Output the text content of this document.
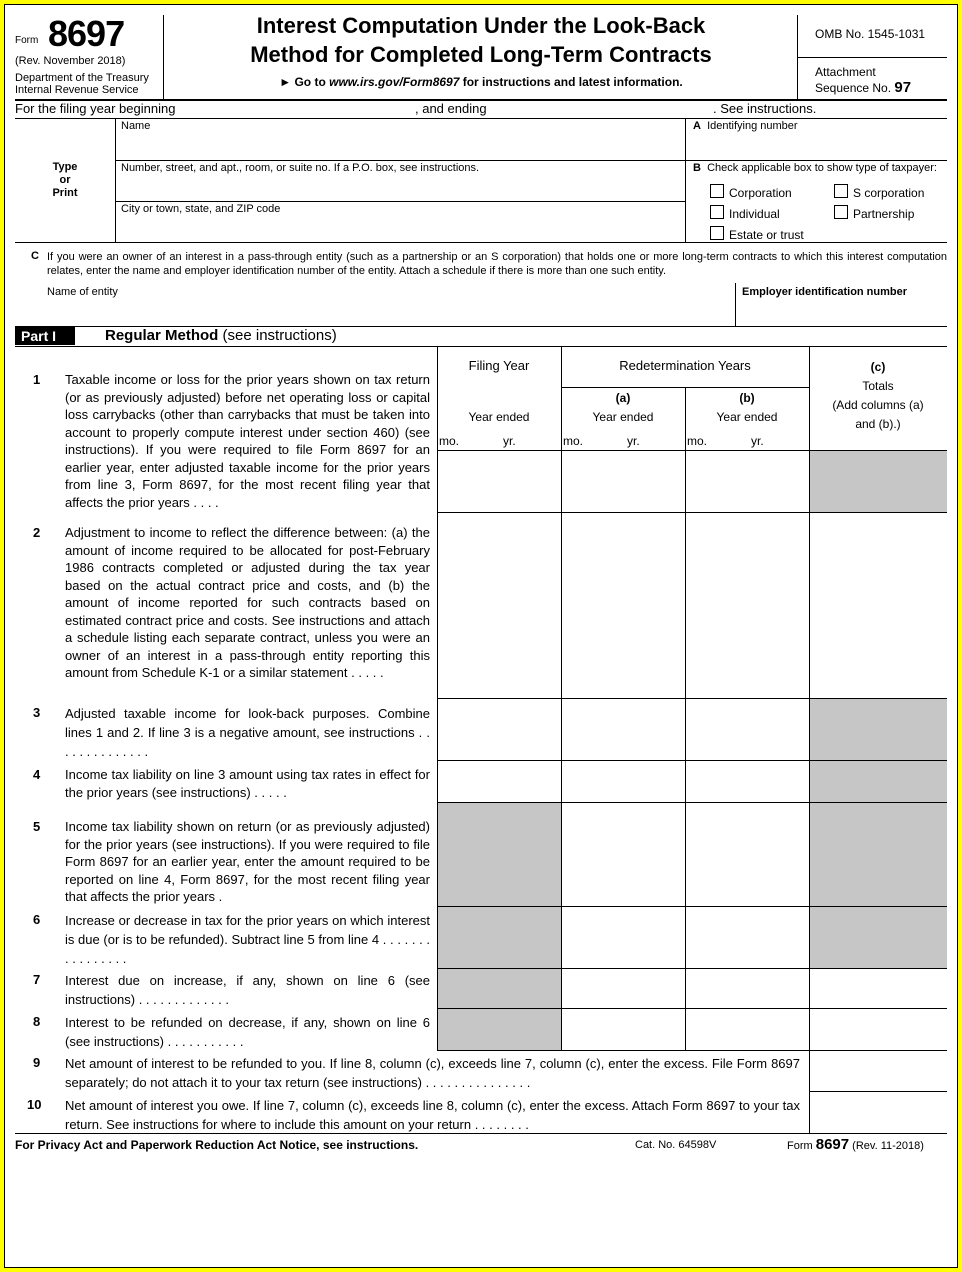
Form 8697
(Rev. November 2018)
Department of the Treasury
Internal Revenue Service
Interest Computation Under the Look-Back
Method for Completed Long-Term Contracts
► Go to www.irs.gov/Form8697 for instructions and latest information.
OMB No. 1545-1031
Attachment
Sequence No. 97
For the filing year beginning	, and ending	. See instructions.
Type
or
Print
Name
Number, street, and apt., room, or suite no. If a P.O. box, see instructions.
City or town, state, and ZIP code
A Identifying number
B Check applicable box to show type of taxpayer:
Corporation	S corporation
Individual	Partnership
Estate or trust
C If you were an owner of an interest in a pass-through entity (such as a partnership or an S corporation) that holds one or more long-term contracts to which this interest computation relates, enter the name and employer identification number of the entity. Attach a schedule if there is more than one such entity.
Name of entity	Employer identification number
Part I	Regular Method (see instructions)
Filing Year	Redetermination Years	(c)
Totals
(Add columns (a)
and (b).)
Year ended
(a)
Year ended
(b)
Year ended
mo.	yr.	mo.	yr.	mo.	yr.
1 Taxable income or loss for the prior years shown on tax return (or as previously adjusted) before net operating loss or capital loss carrybacks (other than carrybacks that must be taken into account to properly compute interest under section 460) (see instructions). If you were required to file Form 8697 for an earlier year, enter adjusted taxable income for the prior years from line 3, Form 8697, for the most recent filing year that affects the prior years . . . .
2 Adjustment to income to reflect the difference between: (a) the amount of income required to be allocated for post-February 1986 contracts completed or adjusted during the tax year based on the actual contract price and costs, and (b) the amount of income reported for such contracts based on estimated contract price and costs. See instructions and attach a schedule listing each separate contract, unless you were an owner of an interest in a pass-through entity reporting this amount from Schedule K-1 or a similar statement . . . . .
3 Adjusted taxable income for look-back purposes. Combine lines 1 and 2. If line 3 is a negative amount, see instructions . . . . . . . . . . . . . .
4 Income tax liability on line 3 amount using tax rates in effect for the prior years (see instructions) . . . . .
5 Income tax liability shown on return (or as previously adjusted) for the prior years (see instructions). If you were required to file Form 8697 for an earlier year, enter the amount required to be reported on line 4, Form 8697, for the most recent filing year that affects the prior years .
6 Increase or decrease in tax for the prior years on which interest is due (or is to be refunded). Subtract line 5 from line 4 . . . . . . . . . . . . . . . .
7 Interest due on increase, if any, shown on line 6 (see instructions) . . . . . . . . . . . . .
8 Interest to be refunded on decrease, if any, shown on line 6 (see instructions) . . . . . . . . . . .
9 Net amount of interest to be refunded to you. If line 8, column (c), exceeds line 7, column (c), enter the excess. File Form 8697 separately; do not attach it to your tax return (see instructions) . . . . . . . . . . . . . . .
10 Net amount of interest you owe. If line 7, column (c), exceeds line 8, column (c), enter the excess. Attach Form 8697 to your tax return. See instructions for where to include this amount on your return . . . . . . . .
For Privacy Act and Paperwork Reduction Act Notice, see instructions.	Cat. No. 64598V	Form 8697 (Rev. 11-2018)
